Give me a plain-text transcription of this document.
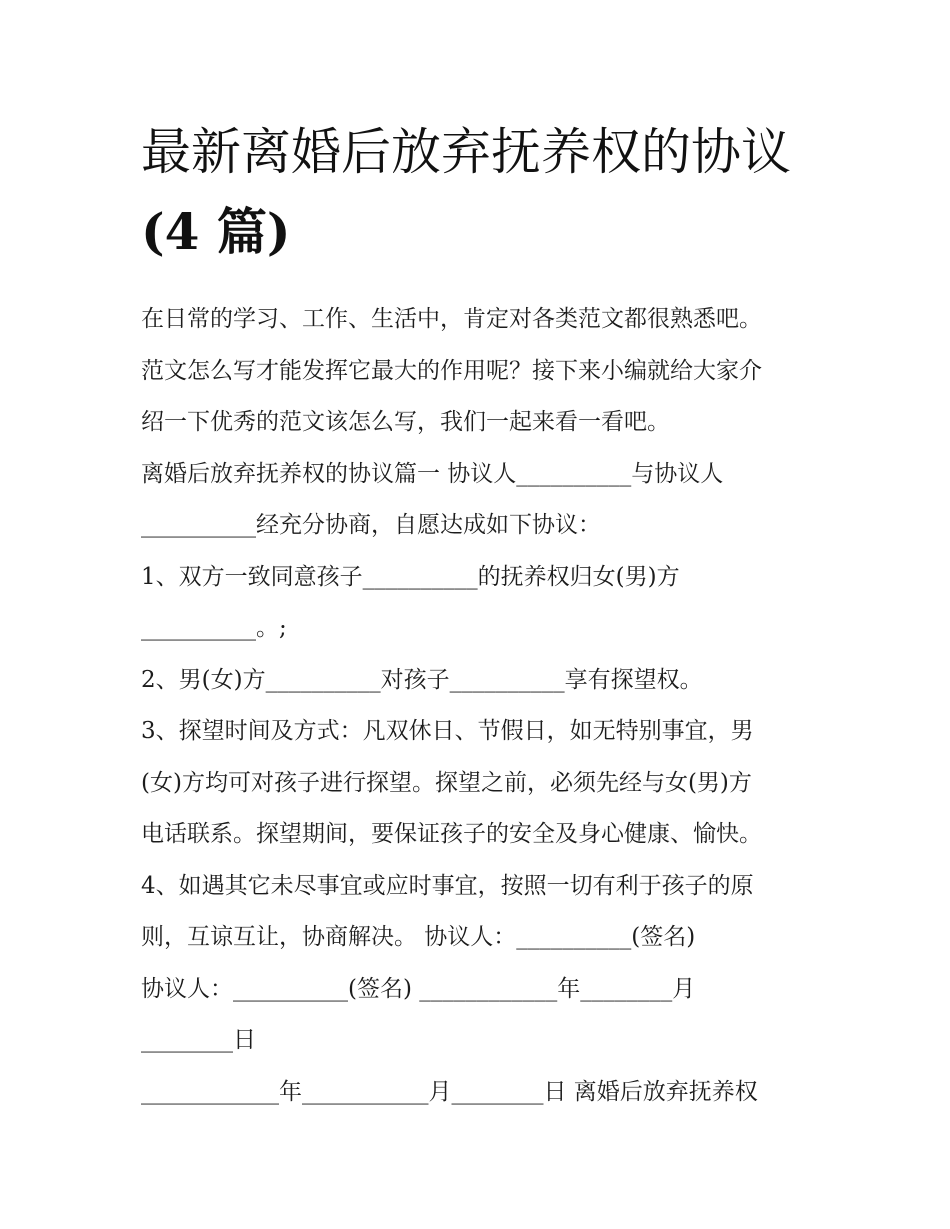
最新离婚后放弃抚养权的协议
(4 篇)
在日常的学习、工作、生活中，肯定对各类范文都很熟悉吧。
范文怎么写才能发挥它最大的作用呢？接下来小编就给大家介
绍一下优秀的范文该怎么写，我们一起来看一看吧。
离婚后放弃抚养权的协议篇一 协议人__________与协议人
__________经充分协商，自愿达成如下协议：
1、双方一致同意孩子__________的抚养权归女(男)方
__________。;
2、男(女)方__________对孩子__________享有探望权。
3、探望时间及方式：凡双休日、节假日，如无特别事宜，男
(女)方均可对孩子进行探望。探望之前，必须先经与女(男)方
电话联系。探望期间，要保证孩子的安全及身心健康、愉快。
4、如遇其它未尽事宜或应时事宜，按照一切有利于孩子的原
则，互谅互让，协商解决。 协议人：__________(签名)
协议人：__________(签名) ____________年________月
________日
____________年___________月________日 离婚后放弃抚养权
